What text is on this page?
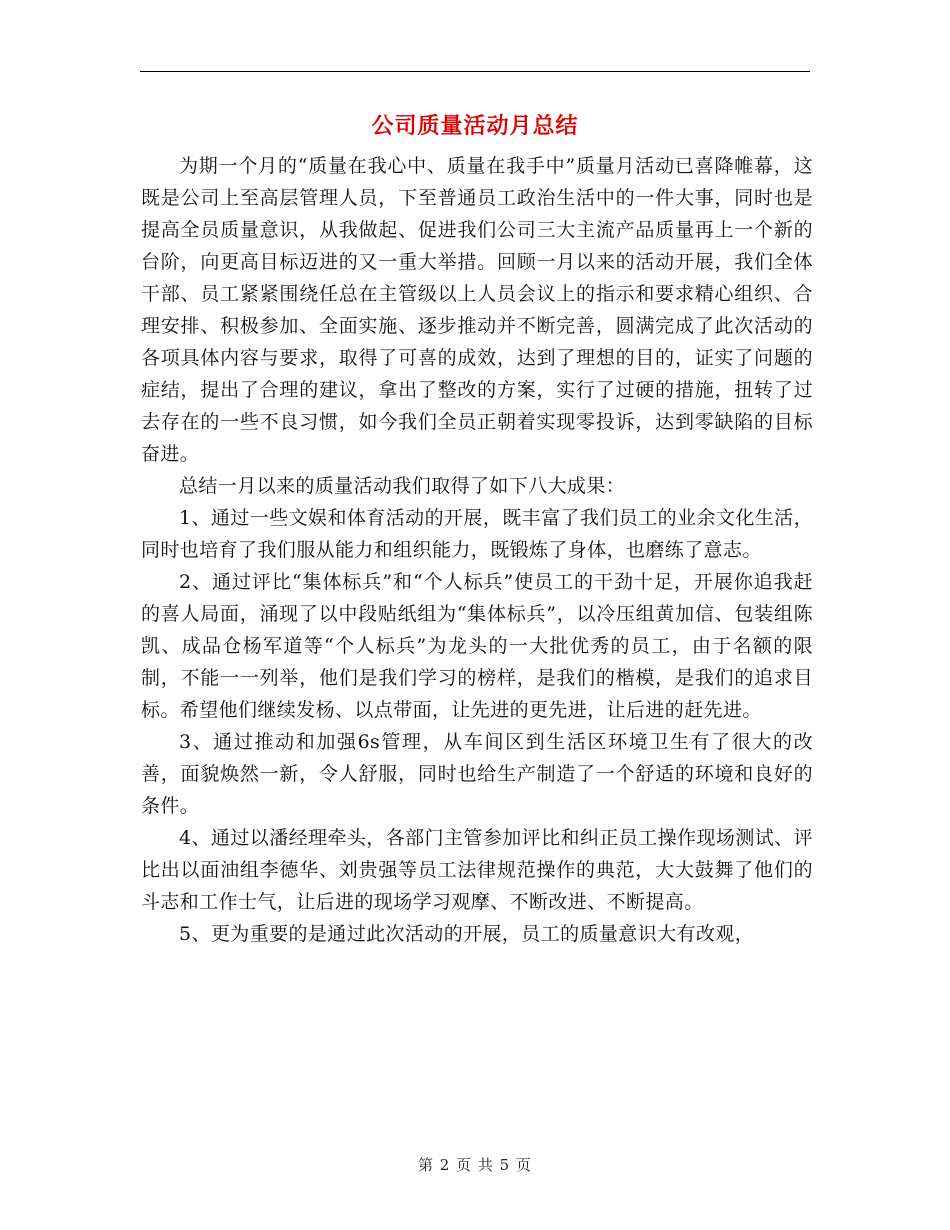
公司质量活动月总结

为期一个月的“质量在我心中、质量在我手中”质量月活动已喜降帷幕，这既是公司上至高层管理人员，下至普通员工政治生活中的一件大事，同时也是提高全员质量意识，从我做起、促进我们公司三大主流产品质量再上一个新的台阶，向更高目标迈进的又一重大举措。回顾一月以来的活动开展，我们全体干部、员工紧紧围绕任总在主管级以上人员会议上的指示和要求精心组织、合理安排、积极参加、全面实施、逐步推动并不断完善，圆满完成了此次活动的各项具体内容与要求，取得了可喜的成效，达到了理想的目的，证实了问题的症结，提出了合理的建议，拿出了整改的方案，实行了过硬的措施，扭转了过去存在的一些不良习惯，如今我们全员正朝着实现零投诉，达到零缺陷的目标奋进。

总结一月以来的质量活动我们取得了如下八大成果：

1、通过一些文娱和体育活动的开展，既丰富了我们员工的业余文化生活，同时也培育了我们服从能力和组织能力，既锻炼了身体，也磨练了意志。

2、通过评比“集体标兵”和“个人标兵”使员工的干劲十足，开展你追我赶的喜人局面，涌现了以中段贴纸组为“集体标兵”，以冷压组黄加信、包装组陈凯、成品仓杨军道等“个人标兵”为龙头的一大批优秀的员工，由于名额的限制，不能一一列举，他们是我们学习的榜样，是我们的楷模，是我们的追求目标。希望他们继续发杨、以点带面，让先进的更先进，让后进的赶先进。

3、通过推动和加强6s管理，从车间区到生活区环境卫生有了很大的改善，面貌焕然一新，令人舒服，同时也给生产制造了一个舒适的环境和良好的条件。

4、通过以潘经理牵头，各部门主管参加评比和纠正员工操作现场测试、评比出以面油组李德华、刘贵强等员工法律规范操作的典范，大大鼓舞了他们的斗志和工作士气，让后进的现场学习观摩、不断改进、不断提高。

5、更为重要的是通过此次活动的开展，员工的质量意识大有改观，

第 2 页 共 5 页
